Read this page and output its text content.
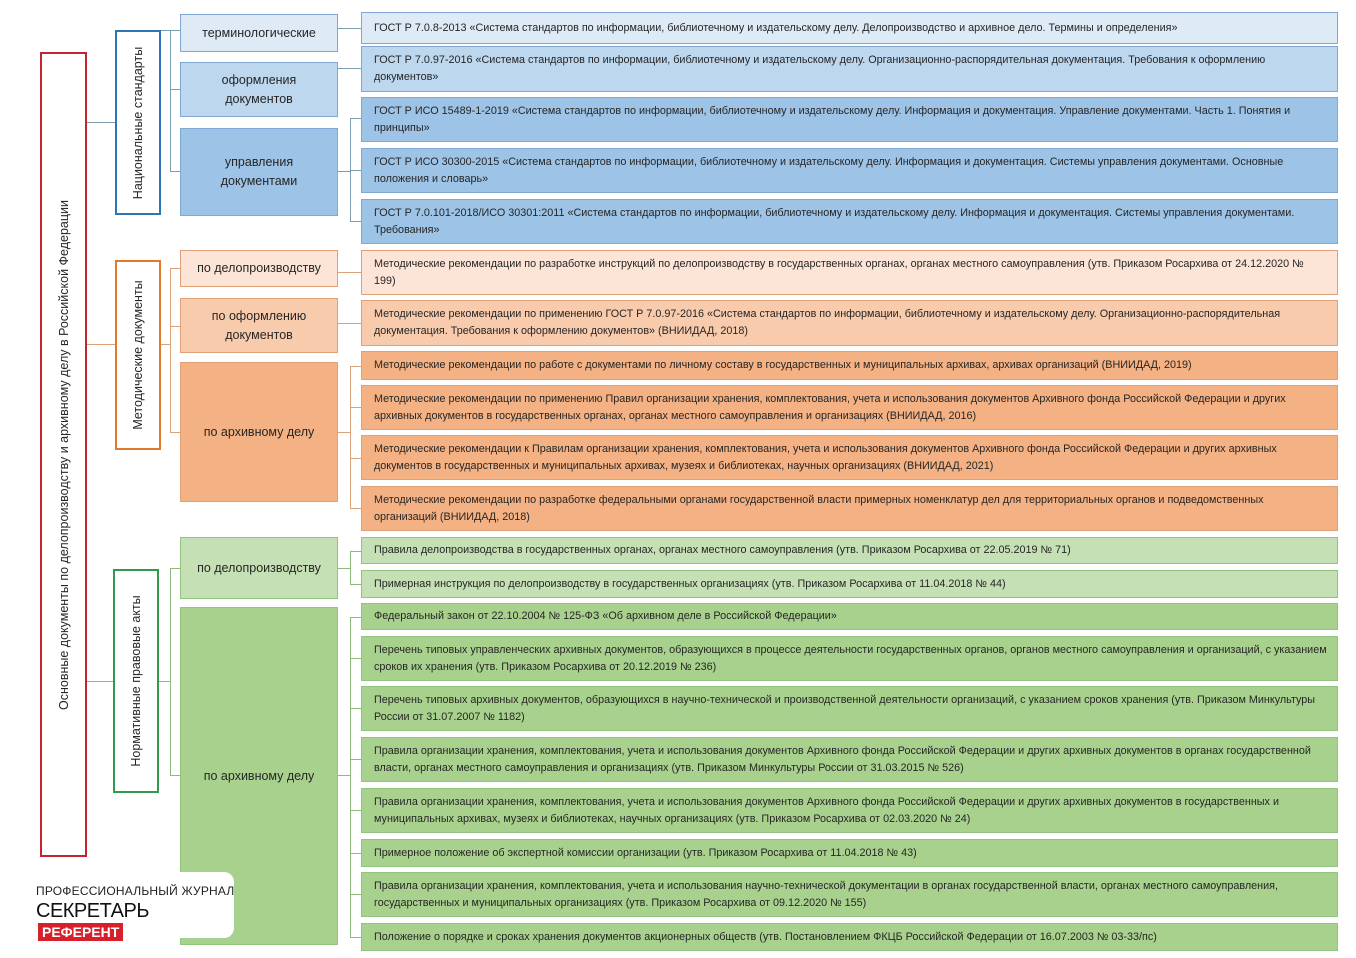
Основные документы по делопроизводству и архивному делу в Российской Федерации
Национальные стандарты
Методические документы
Нормативные правовые акты
терминологические
оформления документов
управления документами
по делопроизводству
по оформлению документов
по архивному делу
по делопроизводству
по архивному делу
ГОСТ Р 7.0.8-2013 «Система стандартов по информации, библиотечному и издательскому делу. Делопроизводство и архивное дело. Термины и определения»
ГОСТ Р 7.0.97-2016 «Система стандартов по информации, библиотечному и издательскому делу. Организационно-распорядительная документация. Требования к оформлению документов»
ГОСТ Р ИСО 15489-1-2019 «Система стандартов по информации, библиотечному и издательскому делу. Информация и документация. Управление документами. Часть 1. Понятия и принципы»
ГОСТ Р ИСО 30300-2015 «Система стандартов по информации, библиотечному и издательскому делу. Информация и документация. Системы управления документами. Основные положения и словарь»
ГОСТ Р 7.0.101-2018/ИСО 30301:2011 «Система стандартов по информации, библиотечному и издательскому делу. Информация и документация. Системы управления документами. Требования»
Методические рекомендации по разработке инструкций по делопроизводству в государственных органах, органах местного самоуправления (утв. Приказом Росархива от 24.12.2020 № 199)
Методические рекомендации по применению ГОСТ Р 7.0.97-2016 «Система стандартов по информации, библиотечному и издательскому делу. Организационно-распорядительная документация. Требования к оформлению документов» (ВНИИДАД, 2018)
Методические рекомендации по работе с документами по личному составу в государственных и муниципальных архивах, архивах организаций (ВНИИДАД, 2019)
Методические рекомендации по применению Правил организации хранения, комплектования, учета и использования документов Архивного фонда Российской Федерации и других архивных документов в государственных органах, органах местного самоуправления и организациях (ВНИИДАД, 2016)
Методические рекомендации к Правилам организации хранения, комплектования, учета и использования документов Архивного фонда Российской Федерации и других архивных документов в государственных и муниципальных архивах, музеях и библиотеках, научных организациях (ВНИИДАД, 2021)
Методические рекомендации по разработке федеральными органами государственной власти примерных номенклатур дел для территориальных органов и подведомственных организаций (ВНИИДАД, 2018)
Правила делопроизводства в государственных органах, органах местного самоуправления (утв. Приказом Росархива от 22.05.2019 № 71)
Примерная инструкция по делопроизводству в государственных организациях (утв. Приказом Росархива от 11.04.2018 № 44)
Федеральный закон от 22.10.2004 № 125-ФЗ «Об архивном деле в Российской Федерации»
Перечень типовых управленческих архивных документов, образующихся в процессе деятельности государственных органов, органов местного самоуправления и организаций, с указанием сроков их хранения (утв. Приказом Росархива от 20.12.2019 № 236)
Перечень типовых архивных документов, образующихся в научно-технической и производственной деятельности организаций, с указанием сроков хранения (утв. Приказом Минкультуры России от 31.07.2007 № 1182)
Правила организации хранения, комплектования, учета и использования документов Архивного фонда Российской Федерации и других архивных документов в органах государственной власти, органах местного самоуправления и организациях (утв. Приказом Минкультуры России от 31.03.2015 № 526)
Правила организации хранения, комплектования, учета и использования документов Архивного фонда Российской Федерации и других архивных документов в государственных и муниципальных архивах, музеях и библиотеках, научных организациях (утв. Приказом Росархива от 02.03.2020 № 24)
Примерное положение об экспертной комиссии организации (утв. Приказом Росархива от 11.04.2018 № 43)
Правила организации хранения, комплектования, учета и использования научно-технической документации в органах государственной власти, органах местного самоуправления, государственных и муниципальных организациях (утв. Приказом Росархива от 09.12.2020 № 155)
Положение о порядке и сроках хранения документов акционерных обществ (утв. Постановлением ФКЦБ Российской Федерации от 16.07.2003 № 03-33/пс)
ПРОФЕССИОНАЛЬНЫЙ ЖУРНАЛ
СЕКРЕТАРЬРЕФЕРЕНТ
